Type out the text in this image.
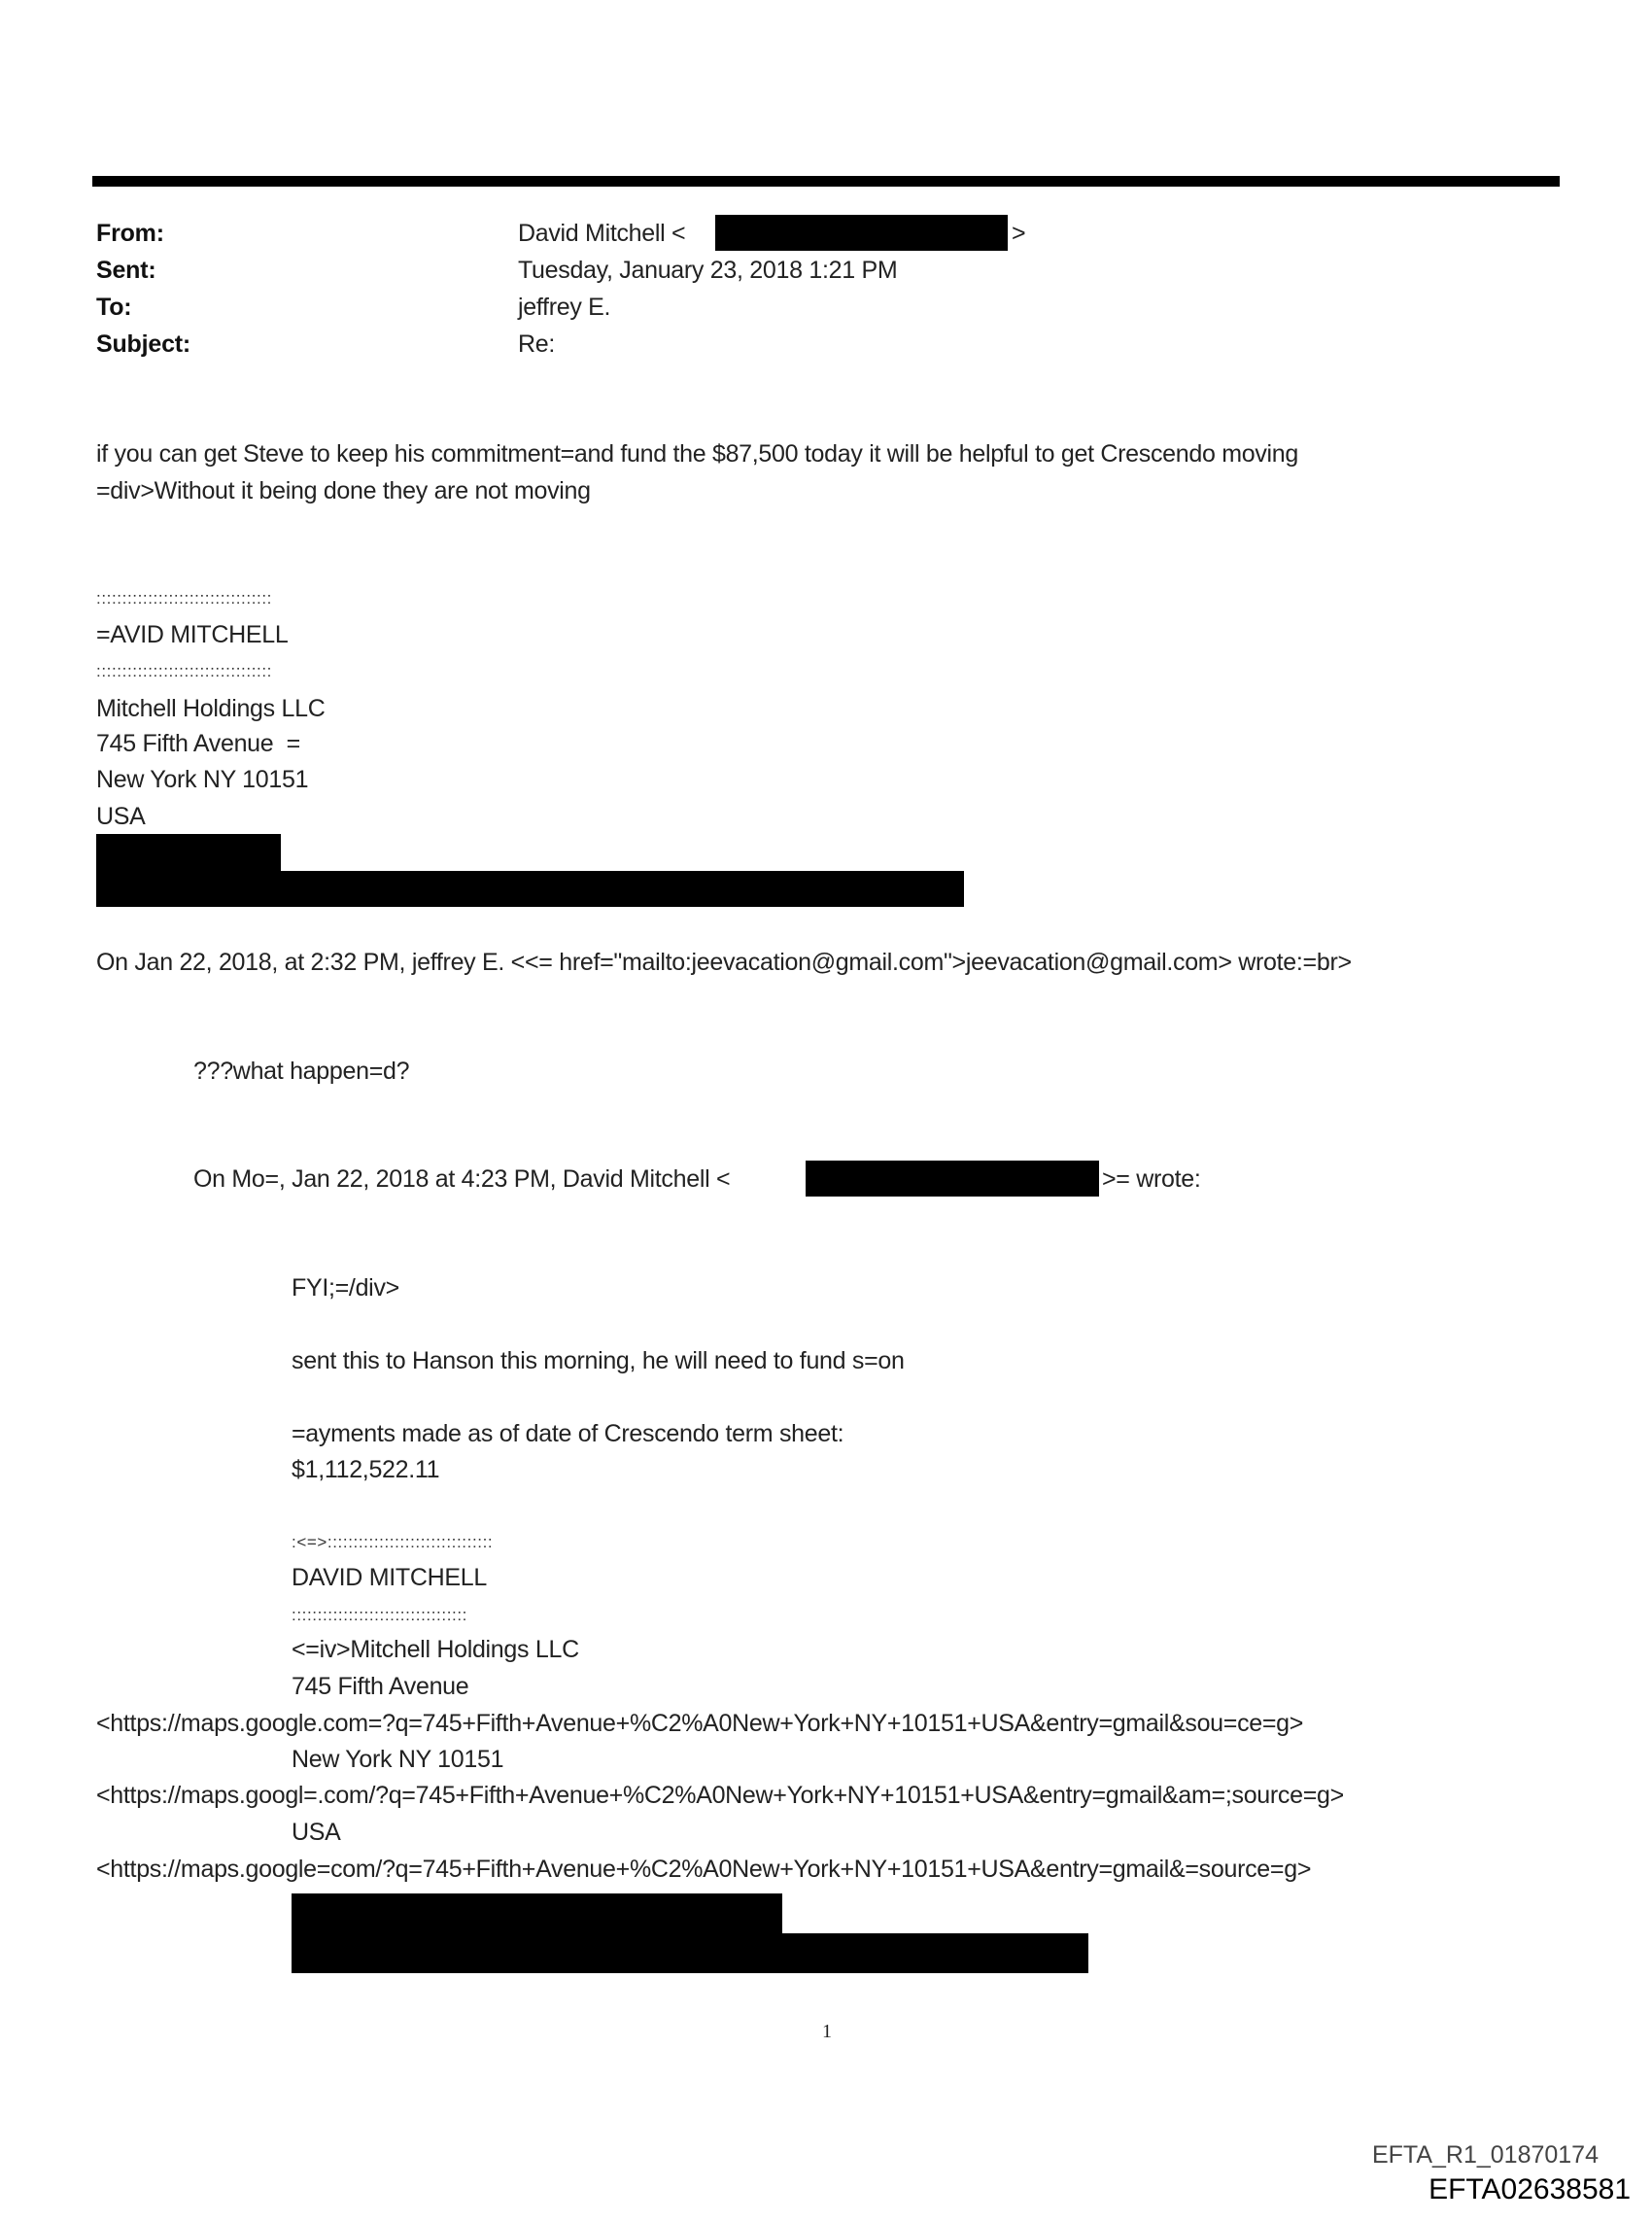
From:
Sent:
To:
Subject:
David Mitchell <	>
Tuesday, January 23, 2018 1:21 PM
jeffrey E.
Re:
if you can get Steve to keep his commitment=and fund the $87,500 today it will be helpful to get Crescendo moving
=div>Without it being done they are not moving
::::::::::::::::::::::::::::::::::
=AVID MITCHELL
::::::::::::::::::::::::::::::::::
Mitchell Holdings LLC
745 Fifth Avenue  =
New York NY 10151
USA
On Jan 22, 2018, at 2:32 PM, jeffrey E. <<= href="mailto:jeevacation@gmail.com">jeevacation@gmail.com> wrote:=br>
???what happen=d?
On Mo=, Jan 22, 2018 at 4:23 PM, David Mitchell <	>= wrote:
FYI;=/div>
sent this to Hanson this morning, he will need to fund s=on
=ayments made as of date of Crescendo term sheet:
$1,112,522.11
:<=>::::::::::::::::::::::::::::::::
DAVID MITCHELL
::::::::::::::::::::::::::::::::::
<=iv>Mitchell Holdings LLC
745 Fifth Avenue
<https://maps.google.com=?q=745+Fifth+Avenue+%C2%A0New+York+NY+10151+USA&entry=gmail&sou=ce=g>
New York NY 10151
<https://maps.googl=.com/?q=745+Fifth+Avenue+%C2%A0New+York+NY+10151+USA&entry=gmail&am=;source=g>
USA
<https://maps.google=com/?q=745+Fifth+Avenue+%C2%A0New+York+NY+10151+USA&entry=gmail&=source=g>
1
EFTA_R1_01870174
EFTA02638581
